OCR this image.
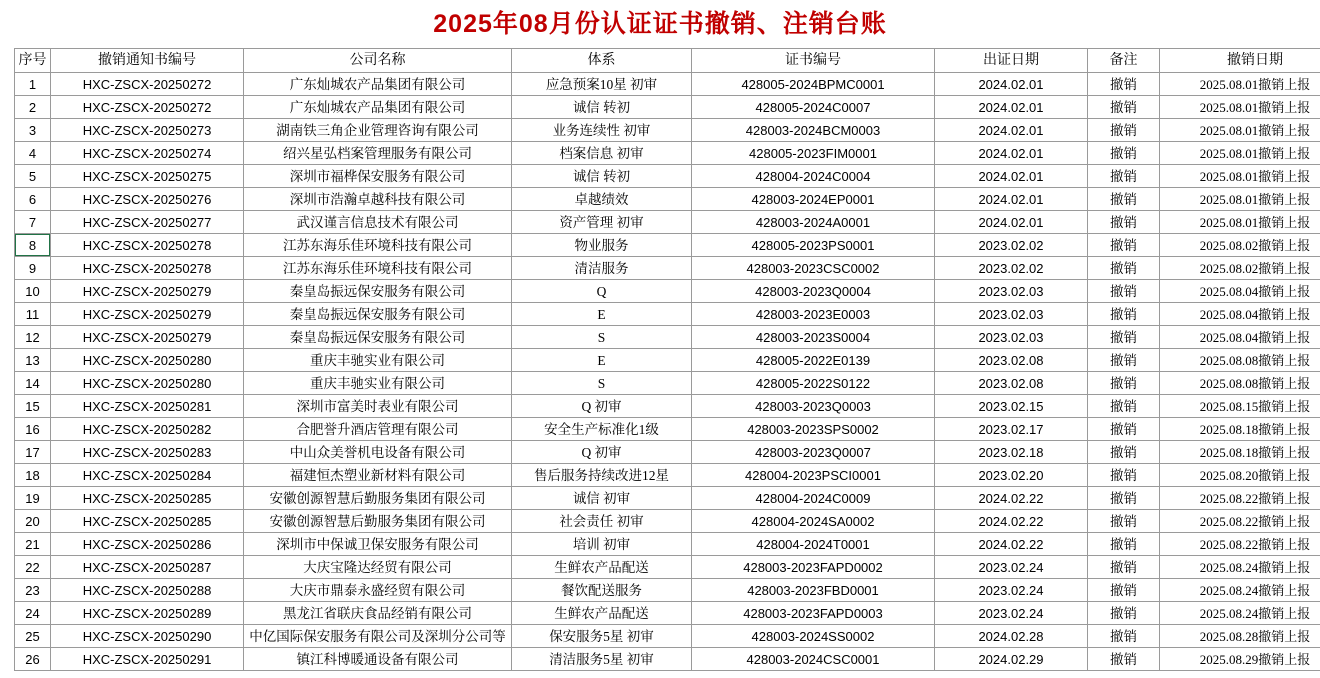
2025年08月份认证证书撤销、注销台账
序号	撤销通知书编号	公司名称	体系	证书编号	出证日期	备注	撤销日期
1	HXC-ZSCX-20250272	广东灿城农产品集团有限公司	应急预案10星 初审	428005-2024BPMC0001	2024.02.01	撤销	2025.08.01撤销上报
2	HXC-ZSCX-20250272	广东灿城农产品集团有限公司	诚信 转初	428005-2024C0007	2024.02.01	撤销	2025.08.01撤销上报
3	HXC-ZSCX-20250273	湖南铁三角企业管理咨询有限公司	业务连续性 初审	428003-2024BCM0003	2024.02.01	撤销	2025.08.01撤销上报
4	HXC-ZSCX-20250274	绍兴星弘档案管理服务有限公司	档案信息 初审	428005-2023FIM0001	2024.02.01	撤销	2025.08.01撤销上报
5	HXC-ZSCX-20250275	深圳市福桦保安服务有限公司	诚信 转初	428004-2024C0004	2024.02.01	撤销	2025.08.01撤销上报
6	HXC-ZSCX-20250276	深圳市浩瀚卓越科技有限公司	卓越绩效	428003-2024EP0001	2024.02.01	撤销	2025.08.01撤销上报
7	HXC-ZSCX-20250277	武汉谨言信息技术有限公司	资产管理 初审	428003-2024A0001	2024.02.01	撤销	2025.08.01撤销上报
8	HXC-ZSCX-20250278	江苏东海乐佳环境科技有限公司	物业服务	428005-2023PS0001	2023.02.02	撤销	2025.08.02撤销上报
9	HXC-ZSCX-20250278	江苏东海乐佳环境科技有限公司	清洁服务	428003-2023CSC0002	2023.02.02	撤销	2025.08.02撤销上报
10	HXC-ZSCX-20250279	秦皇岛振远保安服务有限公司	Q	428003-2023Q0004	2023.02.03	撤销	2025.08.04撤销上报
11	HXC-ZSCX-20250279	秦皇岛振远保安服务有限公司	E	428003-2023E0003	2023.02.03	撤销	2025.08.04撤销上报
12	HXC-ZSCX-20250279	秦皇岛振远保安服务有限公司	S	428003-2023S0004	2023.02.03	撤销	2025.08.04撤销上报
13	HXC-ZSCX-20250280	重庆丰驰实业有限公司	E	428005-2022E0139	2023.02.08	撤销	2025.08.08撤销上报
14	HXC-ZSCX-20250280	重庆丰驰实业有限公司	S	428005-2022S0122	2023.02.08	撤销	2025.08.08撤销上报
15	HXC-ZSCX-20250281	深圳市富美时表业有限公司	Q 初审	428003-2023Q0003	2023.02.15	撤销	2025.08.15撤销上报
16	HXC-ZSCX-20250282	合肥誉升酒店管理有限公司	安全生产标准化1级	428003-2023SPS0002	2023.02.17	撤销	2025.08.18撤销上报
17	HXC-ZSCX-20250283	中山众美誉机电设备有限公司	Q 初审	428003-2023Q0007	2023.02.18	撤销	2025.08.18撤销上报
18	HXC-ZSCX-20250284	福建恒杰塑业新材料有限公司	售后服务持续改进12星	428004-2023PSCI0001	2023.02.20	撤销	2025.08.20撤销上报
19	HXC-ZSCX-20250285	安徽创源智慧后勤服务集团有限公司	诚信 初审	428004-2024C0009	2024.02.22	撤销	2025.08.22撤销上报
20	HXC-ZSCX-20250285	安徽创源智慧后勤服务集团有限公司	社会责任 初审	428004-2024SA0002	2024.02.22	撤销	2025.08.22撤销上报
21	HXC-ZSCX-20250286	深圳市中保诚卫保安服务有限公司	培训 初审	428004-2024T0001	2024.02.22	撤销	2025.08.22撤销上报
22	HXC-ZSCX-20250287	大庆宝隆达经贸有限公司	生鲜农产品配送	428003-2023FAPD0002	2023.02.24	撤销	2025.08.24撤销上报
23	HXC-ZSCX-20250288	大庆市鼎泰永盛经贸有限公司	餐饮配送服务	428003-2023FBD0001	2023.02.24	撤销	2025.08.24撤销上报
24	HXC-ZSCX-20250289	黑龙江省联庆食品经销有限公司	生鲜农产品配送	428003-2023FAPD0003	2023.02.24	撤销	2025.08.24撤销上报
25	HXC-ZSCX-20250290	中亿国际保安服务有限公司及深圳分公司等	保安服务5星 初审	428003-2024SS0002	2024.02.28	撤销	2025.08.28撤销上报
26	HXC-ZSCX-20250291	镇江科博暖通设备有限公司	清洁服务5星 初审	428003-2024CSC0001	2024.02.29	撤销	2025.08.29撤销上报
